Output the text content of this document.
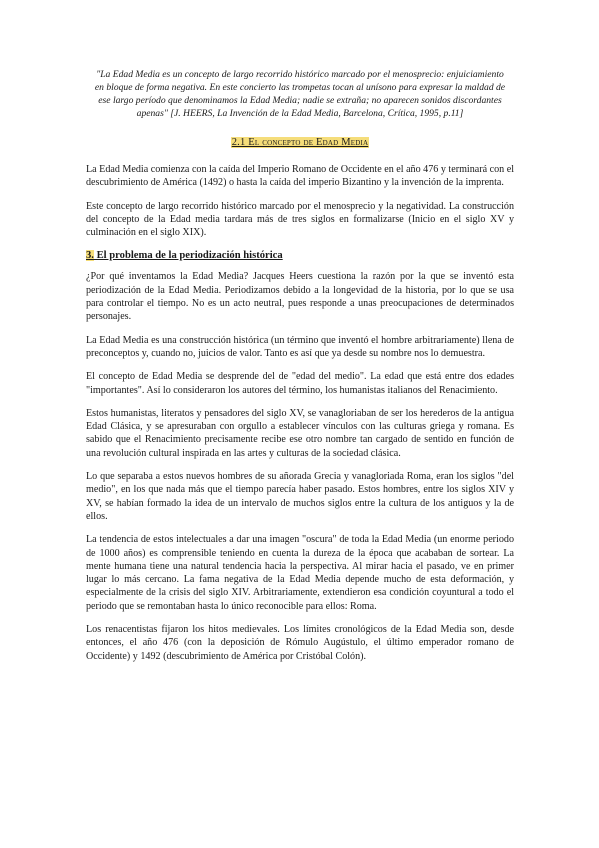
"La Edad Media es un concepto de largo recorrido histórico marcado por el menosprecio: enjuiciamiento en bloque de forma negativa. En este concierto las trompetas tocan al unísono para expresar la maldad de ese largo período que denominamos la Edad Media; nadie se extraña; no aparecen sonidos discordantes apenas" [J. HEERS, La Invención de la Edad Media, Barcelona, Crítica, 1995, p.11]
2.1 El concepto de Edad Media

La Edad Media comienza con la caída del Imperio Romano de Occidente en el año 476 y terminará con el descubrimiento de América (1492) o hasta la caída del imperio Bizantino y la invención de la imprenta.

Este concepto de largo recorrido histórico marcado por el menosprecio y la negatividad. La construcción del concepto de la Edad media tardara más de tres siglos en formalizarse (Inicio en el siglo XV y culminación en el siglo XIX).

3. El problema de la periodización histórica

¿Por qué inventamos la Edad Media? Jacques Heers cuestiona la razón por la que se inventó esta periodización de la Edad Media. Periodizamos debido a la longevidad de la historia, por lo que se usa para controlar el tiempo. No es un acto neutral, pues responde a unas preocupaciones de determinados personajes.

La Edad Media es una construcción histórica (un término que inventó el hombre arbitrariamente) llena de preconceptos y, cuando no, juicios de valor. Tanto es así que ya desde su nombre nos lo demuestra.

El concepto de Edad Media se desprende del de "edad del medio". La edad que está entre dos edades "importantes". Así lo consideraron los autores del término, los humanistas italianos del Renacimiento.

Estos humanistas, literatos y pensadores del siglo XV, se vanagloriaban de ser los herederos de la antigua Edad Clásica, y se apresuraban con orgullo a establecer vínculos con las culturas griega y romana. Es sabido que el Renacimiento precisamente recibe ese otro nombre tan cargado de sentido en función de una revolución cultural inspirada en las artes y culturas de la sociedad clásica.

Lo que separaba a estos nuevos hombres de su añorada Grecia y vanagloriada Roma, eran los siglos "del medio", en los que nada más que el tiempo parecía haber pasado. Estos hombres, entre los siglos XIV y XV, se habían formado la idea de un intervalo de muchos siglos entre la cultura de los antiguos y la de ellos.

La tendencia de estos intelectuales a dar una imagen "oscura" de toda la Edad Media (un enorme periodo de 1000 años) es comprensible teniendo en cuenta la dureza de la época que acababan de sortear. La mente humana tiene una natural tendencia hacia la perspectiva. Al mirar hacia el pasado, ve en primer lugar lo más cercano. La fama negativa de la Edad Media depende mucho de esta deformación, y especialmente de la crisis del siglo XIV. Arbitrariamente, extendieron esa condición coyuntural a todo el periodo que se remontaban hasta lo único reconocible para ellos: Roma.

Los renacentistas fijaron los hitos medievales. Los límites cronológicos de la Edad Media son, desde entonces, el año 476 (con la deposición de Rómulo Augústulo, el último emperador romano de Occidente) y 1492 (descubrimiento de América por Cristóbal Colón).
